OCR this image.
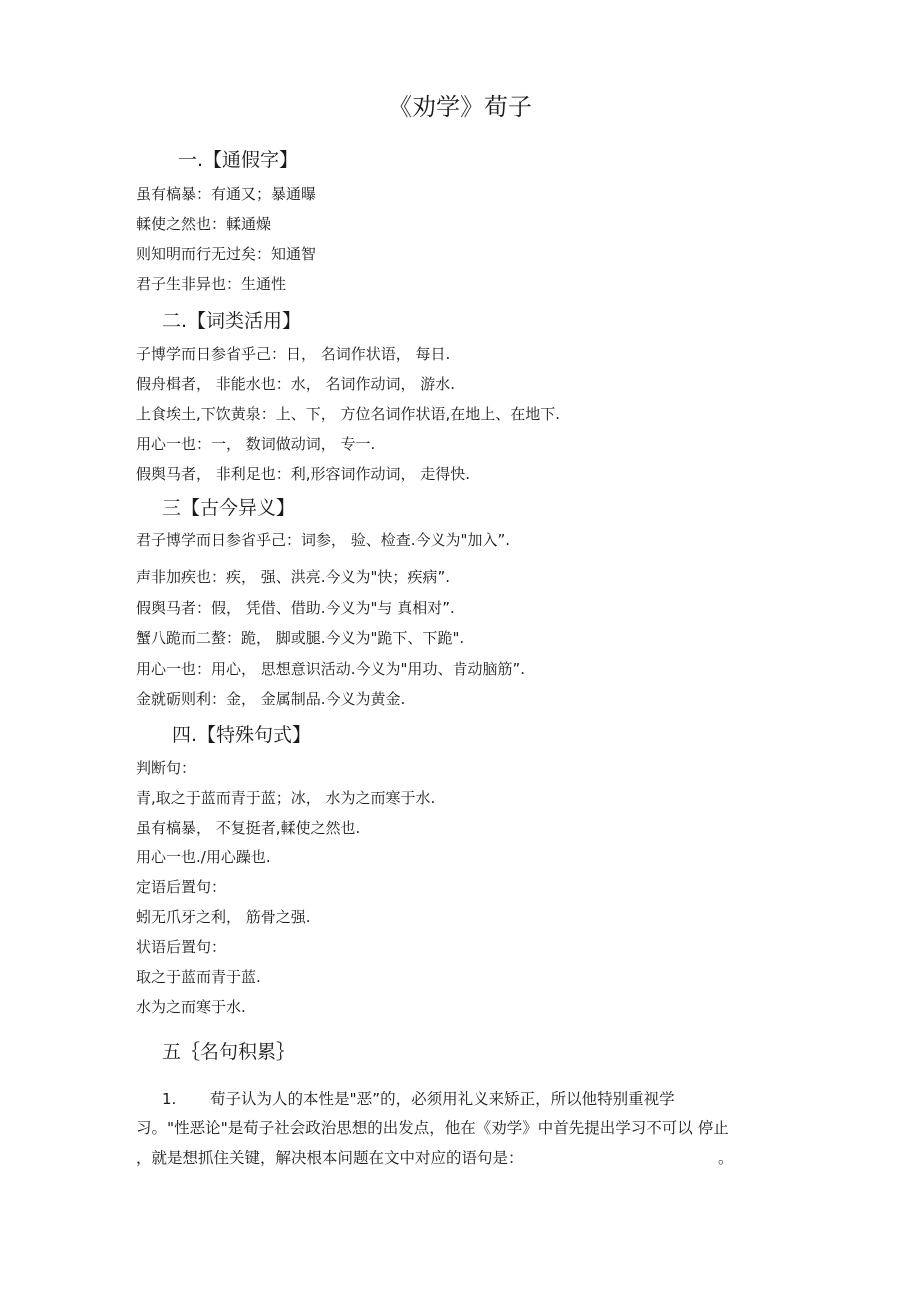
《劝学》荀子
一.【通假字】
虽有槁暴：有通又；暴通曝
輮使之然也：輮通燥
则知明而行无过矣：知通智
君子生非异也：生通性
二.【词类活用】
子博学而日参省乎己：日， 名词作状语， 每日.
假舟楫者， 非能水也：水， 名词作动词， 游水.
上食埃土,下饮黄泉：上、下， 方位名词作状语,在地上、在地下.
用心一也：一， 数词做动词， 专一.
假舆马者， 非利足也：利,形容词作动词， 走得快.
三【古今异义】
君子博学而日参省乎己：词参， 验、检查.今义为"加入”.
声非加疾也：疾， 强、洪亮.今义为"快；疾病”.
假舆马者：假， 凭借、借助.今义为"与 真相对”.
蟹八跪而二螯：跪， 脚或腿.今义为"跪下、下跪".
用心一也：用心， 思想意识活动.今义为"用功、肯动脑筋”.
金就砺则利：金， 金属制品.今义为黄金.
四.【特殊句式】
判断句：
青,取之于蓝而青于蓝；冰， 水为之而寒于水.
虽有槁暴， 不复挺者,輮使之然也.
用心一也./用心躁也.
定语后置句：
蚓无爪牙之利， 筋骨之强.
状语后置句：
取之于蓝而青于蓝.
水为之而寒于水.
五｛名句积累｝
1. 荀子认为人的本性是"恶”的，必须用礼义来矫正，所以他特别重视学
习。"性恶论"是荀子社会政治思想的出发点，他在《劝学》中首先提出学习不可以 停止
，就是想抓住关键，解决根本问题在文中对应的语句是：	。
